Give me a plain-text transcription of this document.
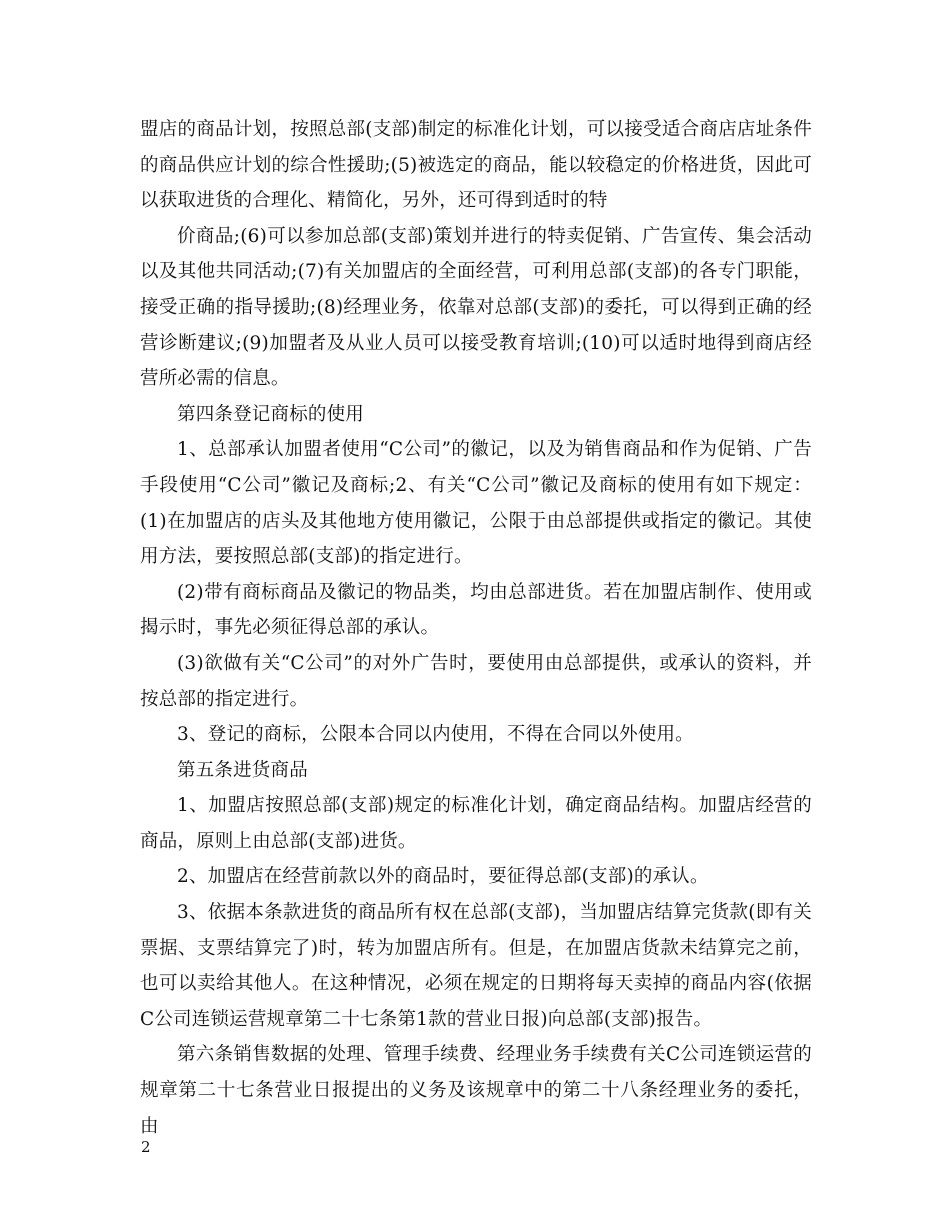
盟店的商品计划，按照总部(支部)制定的标准化计划，可以接受适合商店店址条件的商品供应计划的综合性援助;(5)被选定的商品，能以较稳定的价格进货，因此可以获取进货的合理化、精简化，另外，还可得到适时的特

价商品;(6)可以参加总部(支部)策划并进行的特卖促销、广告宣传、集会活动以及其他共同活动;(7)有关加盟店的全面经营，可利用总部(支部)的各专门职能，接受正确的指导援助;(8)经理业务，依靠对总部(支部)的委托，可以得到正确的经营诊断建议;(9)加盟者及从业人员可以接受教育培训;(10)可以适时地得到商店经营所必需的信息。

第四条登记商标的使用

1、总部承认加盟者使用“C公司”的徽记，以及为销售商品和作为促销、广告手段使用“C公司”徽记及商标;2、有关“C公司”徽记及商标的使用有如下规定：(1)在加盟店的店头及其他地方使用徽记，公限于由总部提供或指定的徽记。其使用方法，要按照总部(支部)的指定进行。

(2)带有商标商品及徽记的物品类，均由总部进货。若在加盟店制作、使用或揭示时，事先必须征得总部的承认。

(3)欲做有关“C公司”的对外广告时，要使用由总部提供，或承认的资料，并按总部的指定进行。

3、登记的商标，公限本合同以内使用，不得在合同以外使用。

第五条进货商品

1、加盟店按照总部(支部)规定的标准化计划，确定商品结构。加盟店经营的商品，原则上由总部(支部)进货。

2、加盟店在经营前款以外的商品时，要征得总部(支部)的承认。

3、依据本条款进货的商品所有权在总部(支部)，当加盟店结算完货款(即有关票据、支票结算完了)时，转为加盟店所有。但是，在加盟店货款未结算完之前，也可以卖给其他人。在这种情况，必须在规定的日期将每天卖掉的商品内容(依据C公司连锁运营规章第二十七条第1款的营业日报)向总部(支部)报告。

第六条销售数据的处理、管理手续费、经理业务手续费有关C公司连锁运营的规章第二十七条营业日报提出的义务及该规章中的第二十八条经理业务的委托，由

2
